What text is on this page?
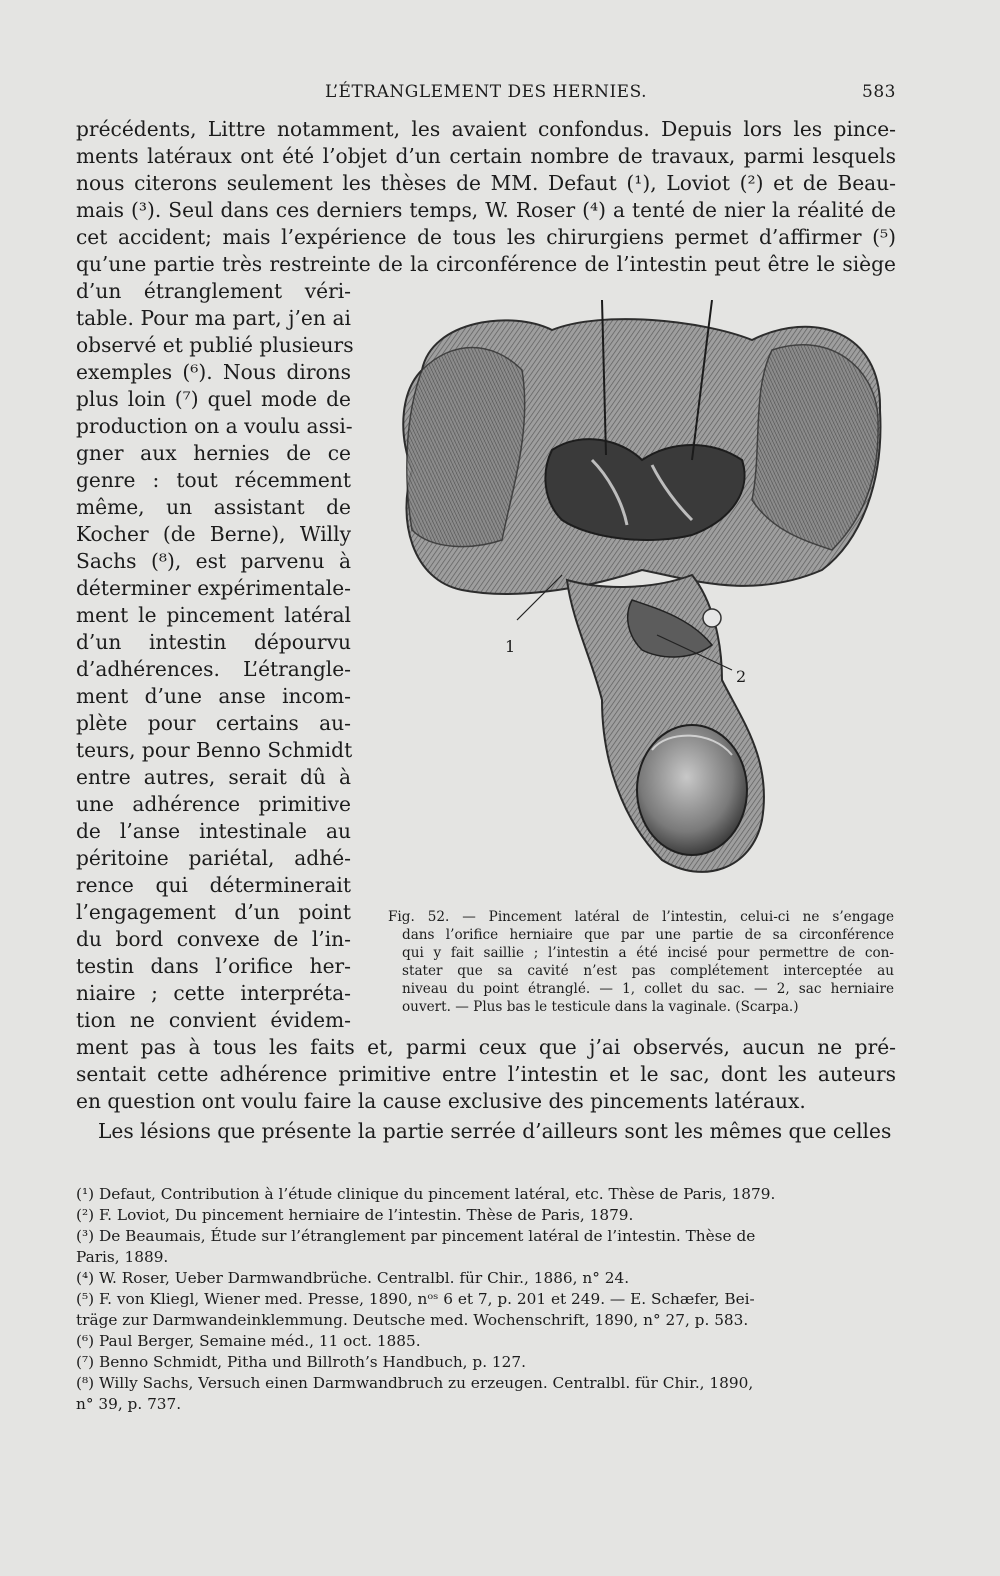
L’ÉTRANGLEMENT DES HERNIES.	583
précédents, Littre notamment, les avaient confondus. Depuis lors les pince-
ments latéraux ont été l’objet d’un certain nombre de travaux, parmi lesquels
nous citerons seulement les thèses de MM. Defaut (¹), Loviot (²) et de Beau-
mais (³). Seul dans ces derniers temps, W. Roser (⁴) a tenté de nier la réalité de
cet accident; mais l’expérience de tous les chirurgiens permet d’affirmer (⁵)
qu’une partie très restreinte de la circonférence de l’intestin peut être le siège
d’un étranglement véri-
table. Pour ma part, j’en ai
observé et publié plusieurs
exemples (⁶). Nous dirons
plus loin (⁷) quel mode de
production on a voulu assi-
gner aux hernies de ce
genre : tout récemment
même, un assistant de
Kocher (de Berne), Willy
Sachs (⁸), est parvenu à
déterminer expérimentale-
ment le pincement latéral
d’un intestin dépourvu
d’adhérences. L’étrangle-
ment d’une anse incom-
plète pour certains au-
teurs, pour Benno Schmidt
entre autres, serait dû à
une adhérence primitive
de l’anse intestinale au
péritoine pariétal, adhé-
rence qui déterminerait
l’engagement d’un point
du bord convexe de l’in-
testin dans l’orifice her-
niaire ; cette interpréta-
tion ne convient évidem-
ment pas à tous les faits et, parmi ceux que j’ai observés, aucun ne pré-
sentait cette adhérence primitive entre l’intestin et le sac, dont les auteurs
en question ont voulu faire la cause exclusive des pincements latéraux.
Les lésions que présente la partie serrée d’ailleurs sont les mêmes que celles
1
2
Fig. 52. — Pincement latéral de l’intestin, celui-ci ne s’engage
dans l’orifice herniaire que par une partie de sa circonférence
qui y fait saillie ; l’intestin a été incisé pour permettre de con-
stater que sa cavité n’est pas complétement interceptée au
niveau du point étranglé. — 1, collet du sac. — 2, sac herniaire
ouvert. — Plus bas le testicule dans la vaginale. (Scarpa.)
(¹) Defaut, Contribution à l’étude clinique du pincement latéral, etc. Thèse de Paris, 1879.
(²) F. Loviot, Du pincement herniaire de l’intestin. Thèse de Paris, 1879.
(³) De Beaumais, Étude sur l’étranglement par pincement latéral de l’intestin. Thèse de
Paris, 1889.
(⁴) W. Roser, Ueber Darmwandbrüche. Centralbl. für Chir., 1886, n° 24.
(⁵) F. von Kliegl, Wiener med. Presse, 1890, nᵒˢ 6 et 7, p. 201 et 249. — E. Schæfer, Bei-
träge zur Darmwandeinklemmung. Deutsche med. Wochenschrift, 1890, n° 27, p. 583.
(⁶) Paul Berger, Semaine méd., 11 oct. 1885.
(⁷) Benno Schmidt, Pitha und Billroth’s Handbuch, p. 127.
(⁸) Willy Sachs, Versuch einen Darmwandbruch zu erzeugen. Centralbl. für Chir., 1890,
n° 39, p. 737.
